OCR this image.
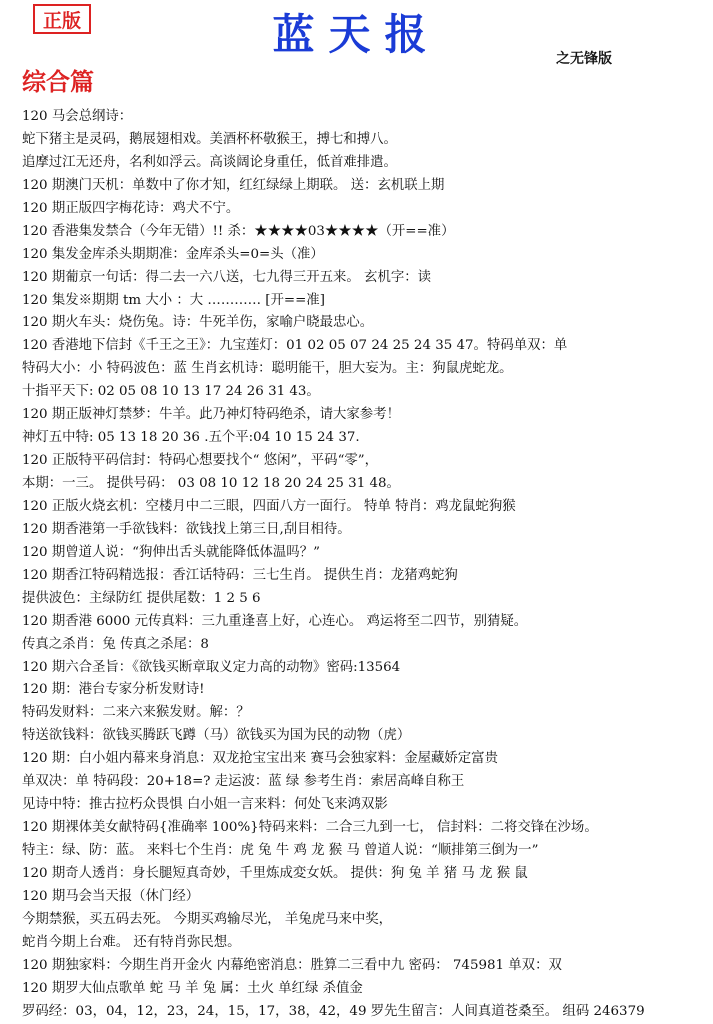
正版	蓝天报	之无锋版
综合篇
120 马会总纲诗：
蛇下猪主是灵码，鹅展翅相戏。美酒杯杯敬猴王，搏七和搏八。
追摩过江无还舟，名利如浮云。高谈阔论身重任，低首难排遣。
120 期澳门天机：单数中了你才知，红红绿绿上期联。 送：玄机联上期
120 期正版四字梅花诗：鸡犬不宁。
120 香港集发禁合（今年无错）!! 杀：★★★★03★★★★（开==准）
120 集发金库杀头期期准：金库杀头=0=头（准）
120 期葡京一句话：得二去一六八送，七九得三开五来。 玄机字：读
120 集发※期期 tm 大小 ：大 ………… [开==准]
120 期火车头：烧伤兔。诗：牛死羊伤，家喻户晓最忠心。
120 香港地下信封《千王之王》：九宝莲灯：01 02 05 07 24 25 24 35 47。特码单双：单
特码大小：小 特码波色：蓝 生肖玄机诗：聪明能干，胆大妄为。主：狗鼠虎蛇龙。
十指平天下: 02 05 08 10 13 17 24 26 31 43。
120 期正版神灯禁梦：牛羊。此乃神灯特码绝杀，请大家参考！
神灯五中特: 05 13 18 20 36 .五个平:04 10 15 24 37.
120 正版特平码信封：特码心想要找个“ 悠闲”，平码“零”，
本期：一三。 提供号码： 03 08 10 12 18 20 24 25 31 48。
120 正版火烧玄机：空楼月中二三眼，四面八方一面行。 特单 特肖：鸡龙鼠蛇狗猴
120 期香港第一手欲钱料：欲钱找上第三日,刮目相待。
120 期曾道人说：“狗伸出舌头就能降低体温吗？”
120 期香江特码精选报：香江话特码：三七生肖。 提供生肖：龙猪鸡蛇狗
提供波色：主绿防红 提供尾数：1 2 5 6
120 期香港 6000 元传真料：三九重逢喜上好，心连心。 鸡运将至二四节，别猜疑。
传真之杀肖：兔 传真之杀尾：8
120 期六合圣旨：《欲钱买断章取义定力高的动物》密码:13564
120 期：港台专家分析发财诗!
特码发财料：二来六来猴发财。解：？
特送欲钱料：欲钱买腾跃飞蹲（马）欲钱买为国为民的动物（虎）
120 期：白小姐内幕来身消息：双龙抢宝宝出来 赛马会独家料：金屋藏娇定富贵
单双决：单 特码段：20+18=? 走运波：蓝 绿 参考生肖：索居高峰自称王
见诗中特：推古拉朽众畏惧 白小姐一言来料：何处飞来鸿双影
120 期裸体美女献特码{准确率 100%}特码来料：二合三九到一七， 信封料：二将交锋在沙场。
特主：绿、防：蓝。 来料七个生肖：虎 兔 牛 鸡 龙 猴 马 曾道人说：“顺排第三倒为一”
120 期奇人透肖：身长腿短真奇妙，千里炼成変女妖。 提供：狗 兔 羊 猪 马 龙 猴 鼠
120 期马会当天报（休门经）
今期禁猴，买五码去死。 今期买鸡输尽光， 羊兔虎马来中奖，
蛇肖今期上台难。 还有特肖弥民想。
120 期独家料：今期生肖开金火 内幕绝密消息：胜算二三看中九 密码： 745981 单双：双
120 期罗大仙点歌单 蛇 马 羊 兔 属：土火 单红绿 杀值金
罗码经：03，04，12，23，24，15，17，38，42，49 罗先生留言：人间真道苍桑至。 组码 246379
